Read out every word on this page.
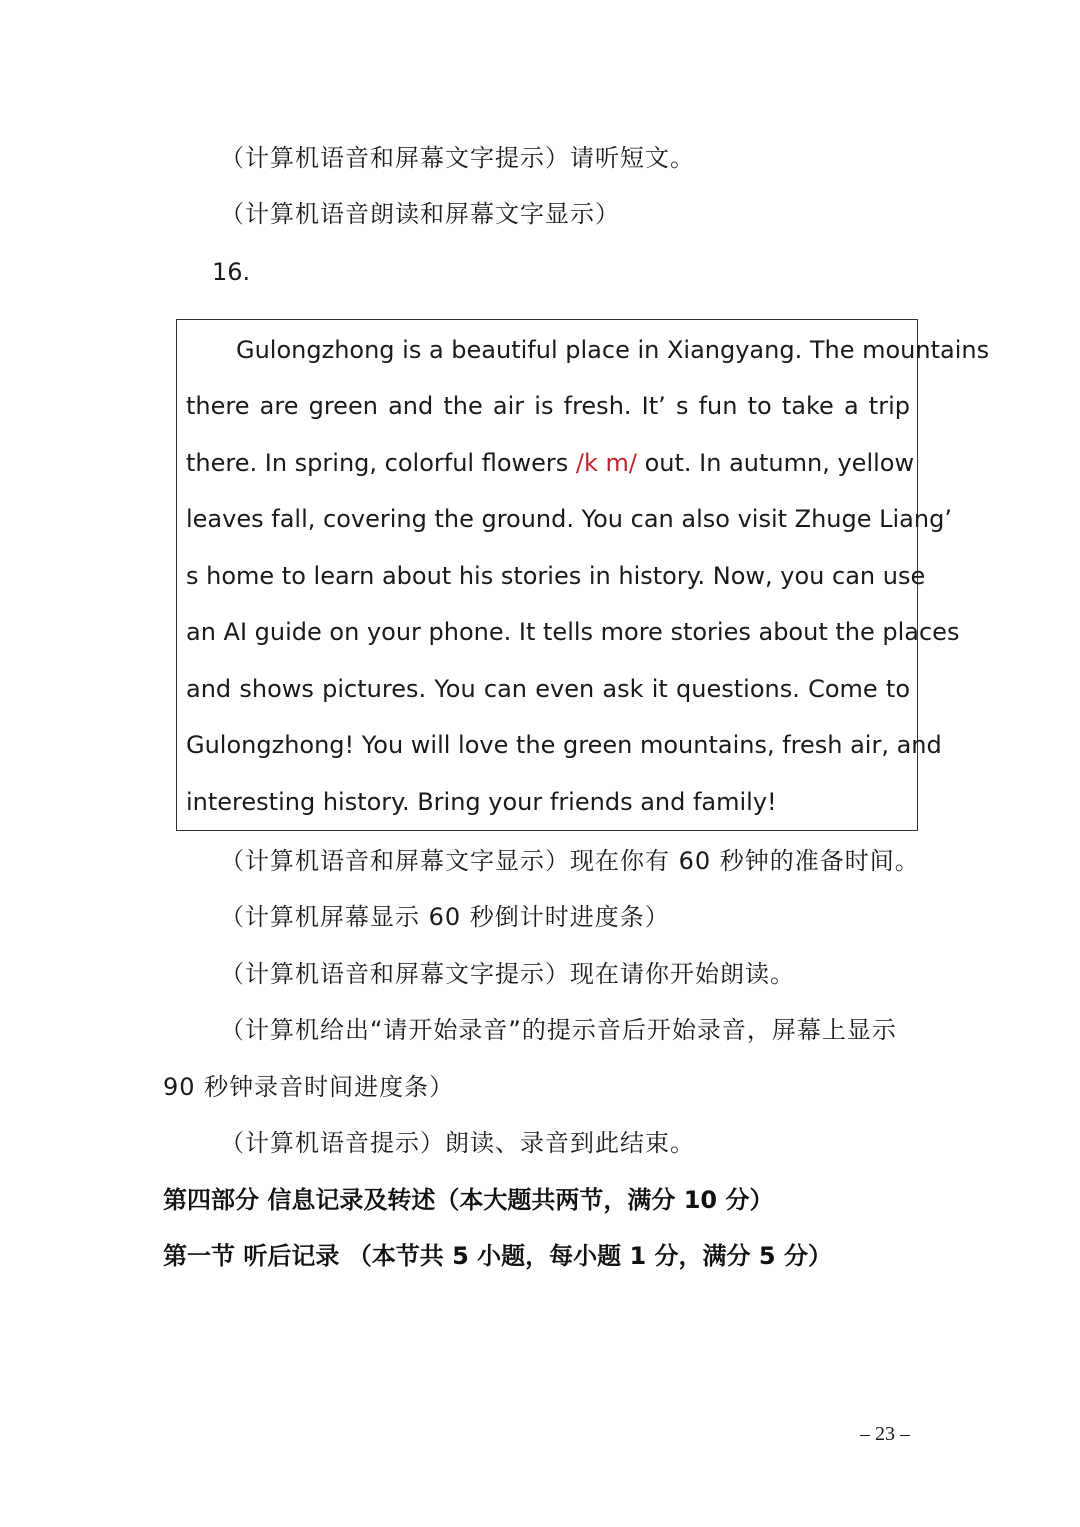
（计算机语音和屏幕文字提示）请听短文。
（计算机语音朗读和屏幕文字显示）
16.
Gulongzhong is a beautiful place in Xiangyang. The mountains
there are green and the air is fresh. It’ s fun to take a trip
there. In spring, colorful flowers /k m/ out. In autumn, yellow
leaves fall, covering the ground. You can also visit Zhuge Liang’
s home to learn about his stories in history. Now, you can use
an AI guide on your phone. It tells more stories about the places
and shows pictures. You can even ask it questions. Come to
Gulongzhong! You will love the green mountains, fresh air, and
interesting history. Bring your friends and family!
（计算机语音和屏幕文字显示）现在你有 60 秒钟的准备时间。
（计算机屏幕显示 60 秒倒计时进度条）
（计算机语音和屏幕文字提示）现在请你开始朗读。
（计算机给出“请开始录音”的提示音后开始录音，屏幕上显示
90 秒钟录音时间进度条）
（计算机语音提示）朗读、录音到此结束。
第四部分 信息记录及转述（本大题共两节，满分 10 分）
第一节 听后记录 （本节共 5 小题，每小题 1 分，满分 5 分）
– 23 –
